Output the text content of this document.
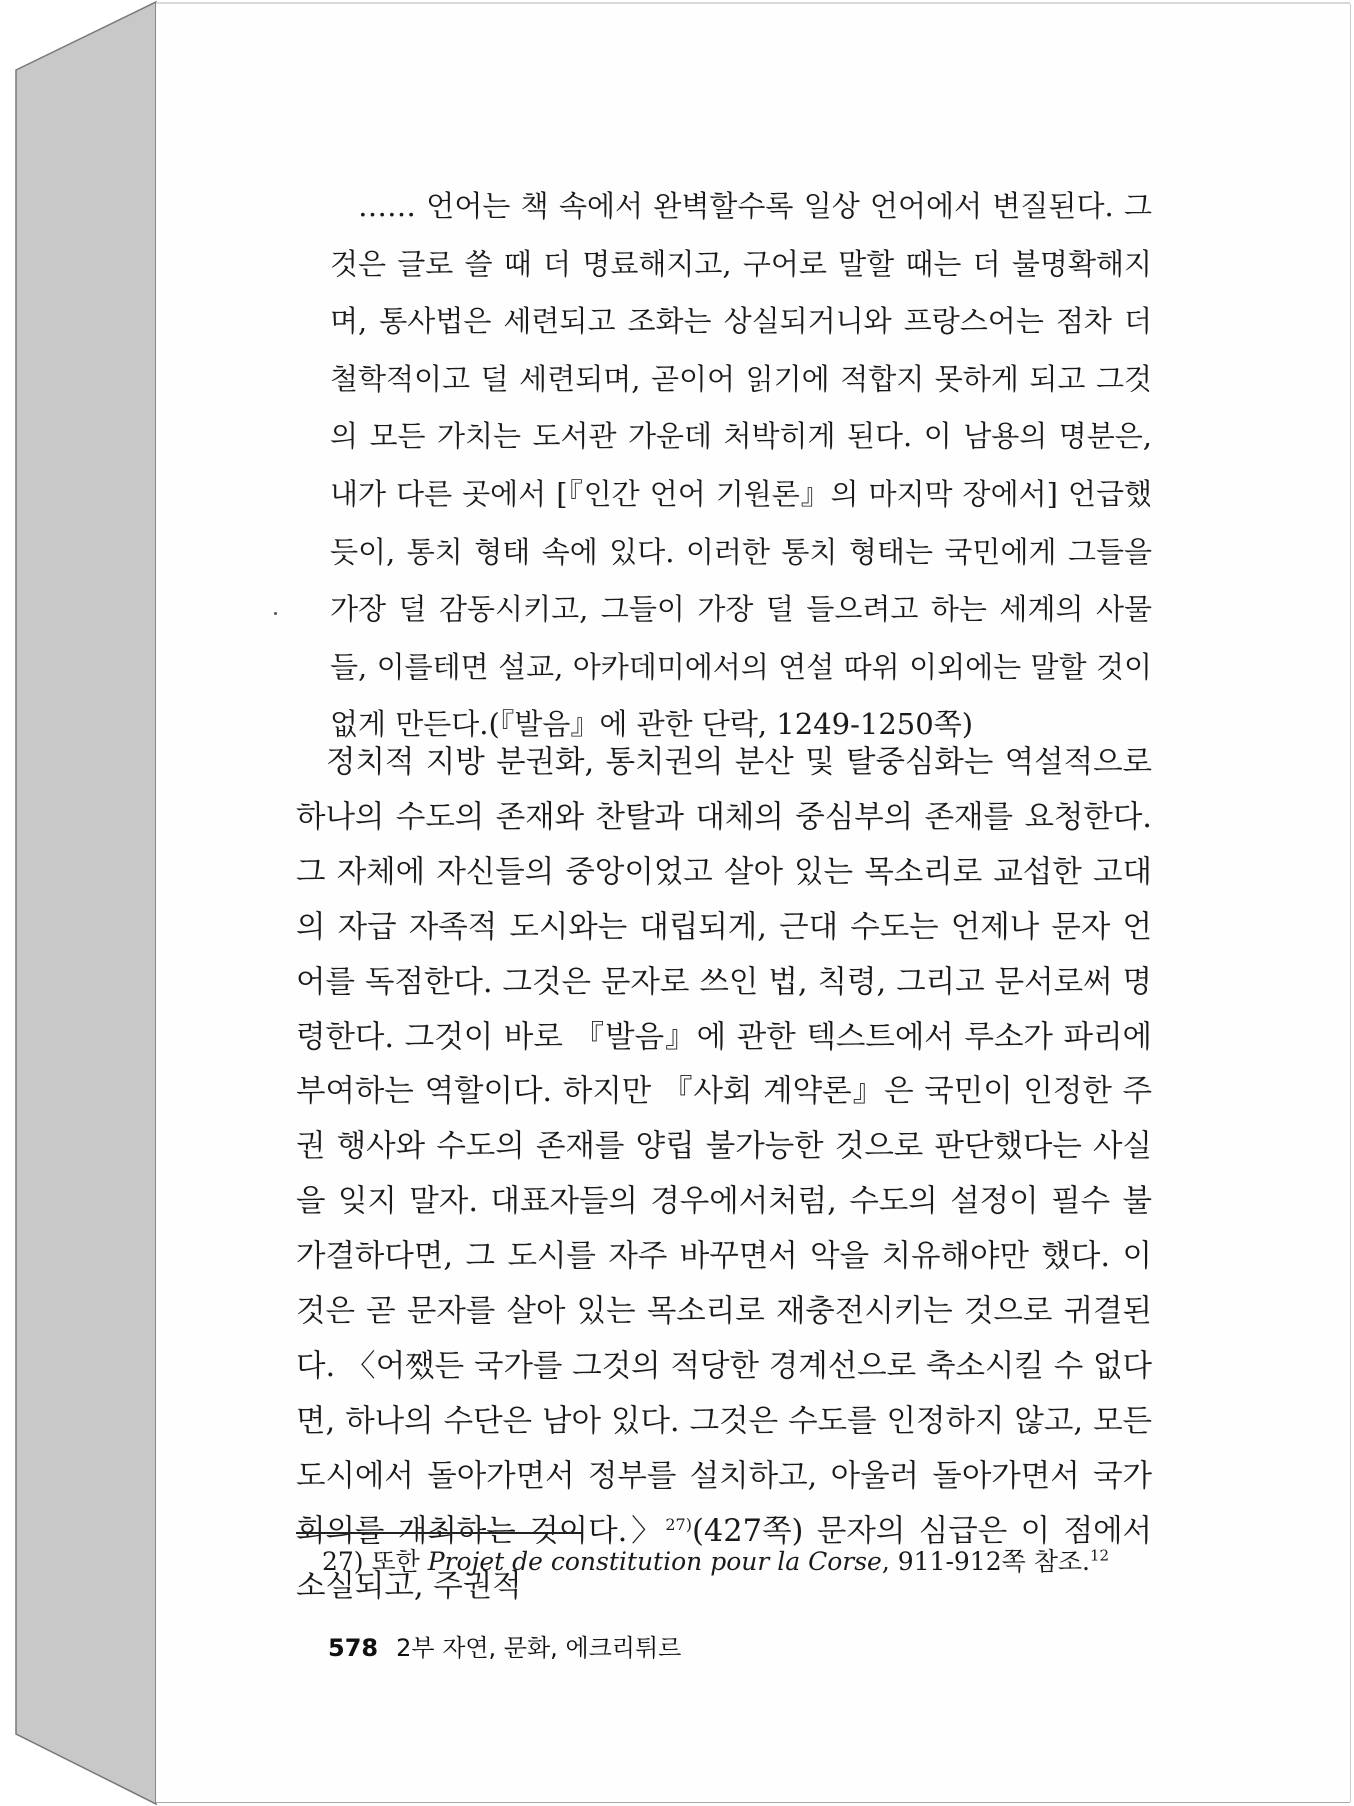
…… 언어는 책 속에서 완벽할수록 일상 언어에서 변질된다. 그것은 글로 쓸 때 더 명료해지고, 구어로 말할 때는 더 불명확해지며, 통사법은 세련되고 조화는 상실되거니와 프랑스어는 점차 더 철학적이고 덜 세련되며, 곧이어 읽기에 적합지 못하게 되고 그것의 모든 가치는 도서관 가운데 처박히게 된다. 이 남용의 명분은, 내가 다른 곳에서 [『인간 언어 기원론』의 마지막 장에서] 언급했듯이, 통치 형태 속에 있다. 이러한 통치 형태는 국민에게 그들을 가장 덜 감동시키고, 그들이 가장 덜 들으려고 하는 세계의 사물들, 이를테면 설교, 아카데미에서의 연설 따위 이외에는 말할 것이 없게 만든다.(『발음』에 관한 단락, 1249-1250쪽)

정치적 지방 분권화, 통치권의 분산 및 탈중심화는 역설적으로 하나의 수도의 존재와 찬탈과 대체의 중심부의 존재를 요청한다. 그 자체에 자신들의 중앙이었고 살아 있는 목소리로 교섭한 고대의 자급 자족적 도시와는 대립되게, 근대 수도는 언제나 문자 언어를 독점한다. 그것은 문자로 쓰인 법, 칙령, 그리고 문서로써 명령한다. 그것이 바로 『발음』에 관한 텍스트에서 루소가 파리에 부여하는 역할이다. 하지만 『사회 계약론』은 국민이 인정한 주권 행사와 수도의 존재를 양립 불가능한 것으로 판단했다는 사실을 잊지 말자. 대표자들의 경우에서처럼, 수도의 설정이 필수 불가결하다면, 그 도시를 자주 바꾸면서 악을 치유해야만 했다. 이것은 곧 문자를 살아 있는 목소리로 재충전시키는 것으로 귀결된다. 〈어쨌든 국가를 그것의 적당한 경계선으로 축소시킬 수 없다면, 하나의 수단은 남아 있다. 그것은 수도를 인정하지 않고, 모든 도시에서 돌아가면서 정부를 설치하고, 아울러 돌아가면서 국가 회의를 개최하는 것이다.〉$^{27)}$(427쪽) 문자의 심급은 이 점에서 소실되고, 주권적

27) 또한 Projet de constitution pour la Corse, 911-912쪽 참조.$^{12}$

578 2부 자연, 문화, 에크리튀르
